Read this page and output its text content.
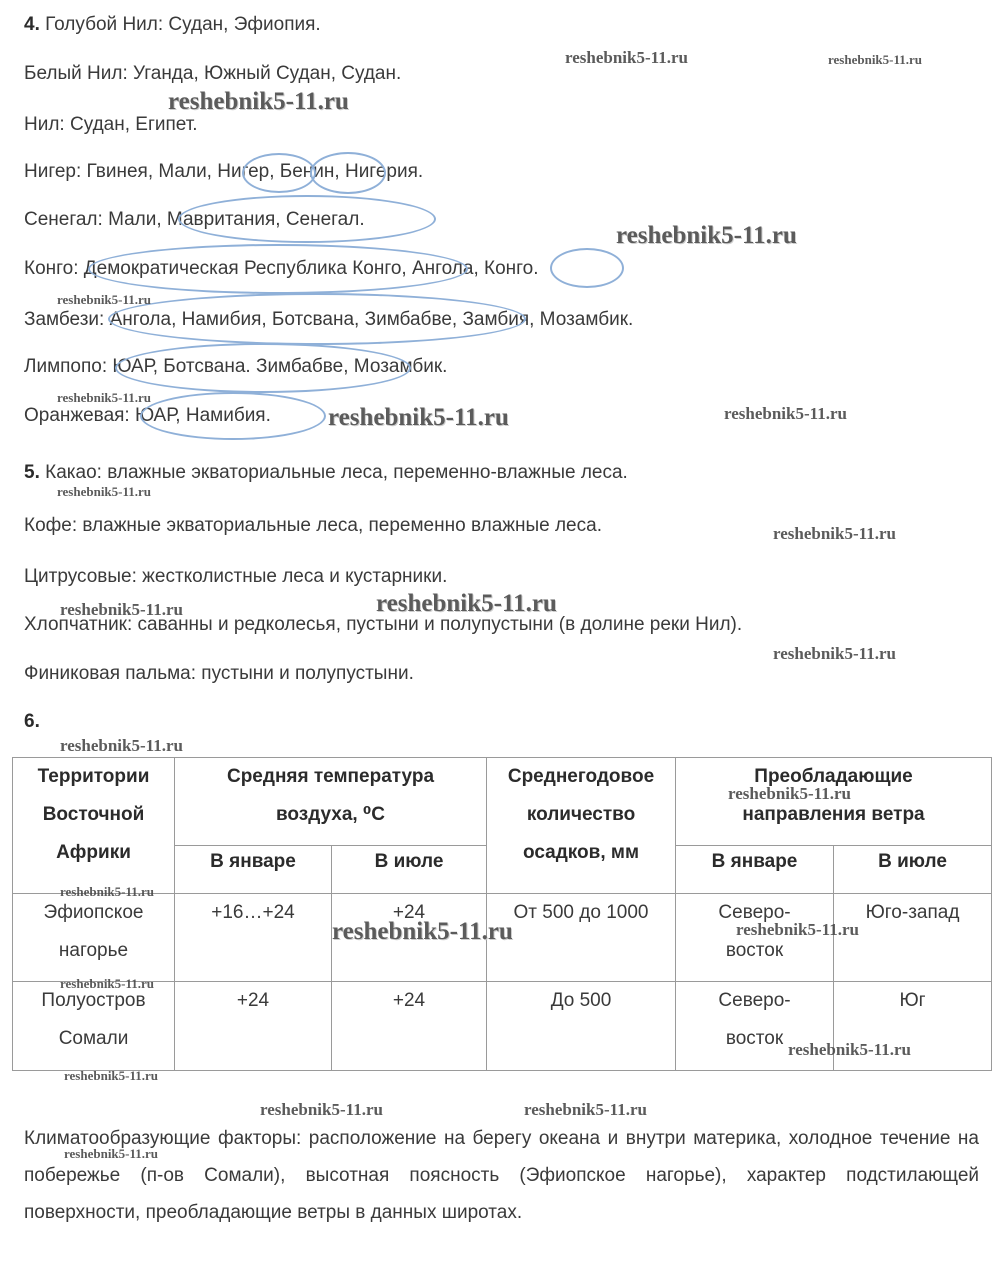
4. Голубой Нил: Судан, Эфиопия.

Белый Нил: Уганда, Южный Судан, Судан.

Нил: Судан, Египет.

Нигер: Гвинея, Мали, Нигер, Бенин, Нигерия.

Сенегал: Мали, Мавритания, Сенегал.

Конго: Демократическая Республика Конго, Ангола, Конго.

Замбези: Ангола, Намибия, Ботсвана, Зимбабве, Замбия, Мозамбик.

Лимпопо: ЮАР, Ботсвана. Зимбабве, Мозамбик.

Оранжевая: ЮАР, Намибия.

5. Какао: влажные экваториальные леса, переменно-влажные леса.

Кофе: влажные экваториальные леса, переменно влажные леса.

Цитрусовые: жестколистные леса и кустарники.

Хлопчатник: саванны и редколесья, пустыни и полупустыни (в долине реки Нил).

Финиковая пальма: пустыни и полупустыни.

6.

Территории Восточной Африки	Средняя температура воздуха, ⁰С		Среднегодовое количество осадков, мм	Преобладающие направления ветра	
	В январе	В июле		В январе	В июле
Эфиопское нагорье	+16…+24	+24	От 500 до 1000	Северо-восток	Юго-запад
Полуостров Сомали	+24	+24	До 500	Северо-восток	Юг

Климатообразующие факторы: расположение на берегу океана и внутри материка, холодное течение на побережье (п-ов Сомали), высотная поясность (Эфиопское нагорье), характер подстилающей поверхности, преобладающие ветры в данных широтах.

reshebnik5-11.ru	reshebnik5-11.ru
reshebnik5-11.ru
reshebnik5-11.ru
reshebnik5-11.ru
reshebnik5-11.ru
reshebnik5-11.ru	reshebnik5-11.ru
reshebnik5-11.ru
reshebnik5-11.ru
reshebnik5-11.ru	reshebnik5-11.ru
reshebnik5-11.ru
reshebnik5-11.ru
reshebnik5-11.ru
reshebnik5-11.ru
reshebnik5-11.ru	reshebnik5-11.ru
reshebnik5-11.ru
reshebnik5-11.ru
reshebnik5-11.ru
reshebnik5-11.ru	reshebnik5-11.ru
reshebnik5-11.ru
